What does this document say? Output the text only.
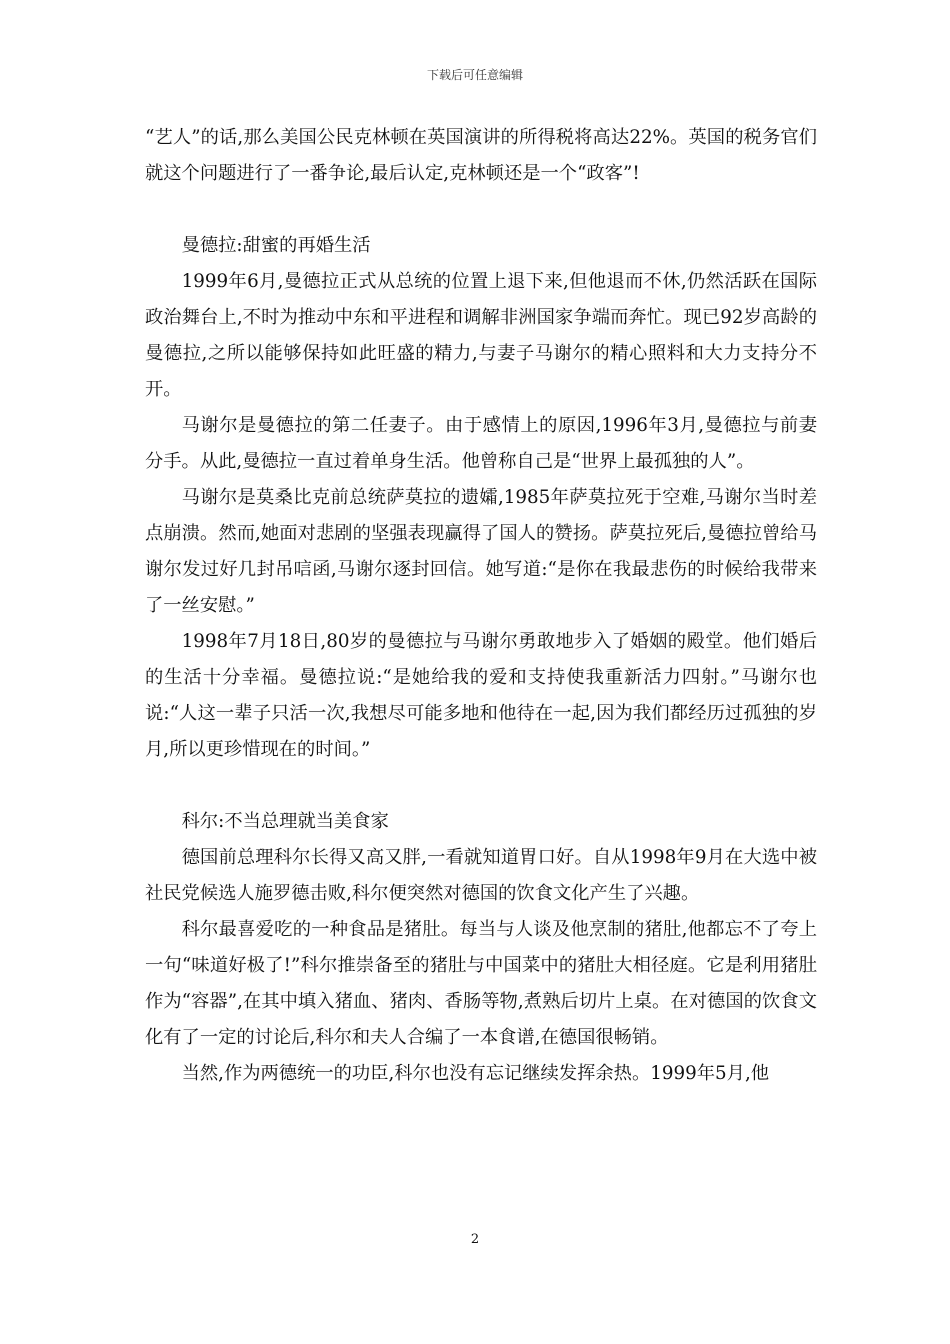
下载后可任意编辑

“艺人”的话,那么美国公民克林顿在英国演讲的所得税将高达22%。英国的税务官们就这个问题进行了一番争论,最后认定,克林顿还是一个“政客”!

曼德拉:甜蜜的再婚生活

1999年6月,曼德拉正式从总统的位置上退下来,但他退而不休,仍然活跃在国际政治舞台上,不时为推动中东和平进程和调解非洲国家争端而奔忙。现已92岁高龄的曼德拉,之所以能够保持如此旺盛的精力,与妻子马谢尔的精心照料和大力支持分不开。

马谢尔是曼德拉的第二任妻子。由于感情上的原因,1996年3月,曼德拉与前妻分手。从此,曼德拉一直过着单身生活。他曾称自己是“世界上最孤独的人”。

马谢尔是莫桑比克前总统萨莫拉的遗孀,1985年萨莫拉死于空难,马谢尔当时差点崩溃。然而,她面对悲剧的坚强表现赢得了国人的赞扬。萨莫拉死后,曼德拉曾给马谢尔发过好几封吊唁函,马谢尔逐封回信。她写道:“是你在我最悲伤的时候给我带来了一丝安慰。”

1998年7月18日,80岁的曼德拉与马谢尔勇敢地步入了婚姻的殿堂。他们婚后的生活十分幸福。曼德拉说:“是她给我的爱和支持使我重新活力四射。”马谢尔也说:“人这一辈子只活一次,我想尽可能多地和他待在一起,因为我们都经历过孤独的岁月,所以更珍惜现在的时间。”

科尔:不当总理就当美食家

德国前总理科尔长得又高又胖,一看就知道胃口好。自从1998年9月在大选中被社民党候选人施罗德击败,科尔便突然对德国的饮食文化产生了兴趣。

科尔最喜爱吃的一种食品是猪肚。每当与人谈及他烹制的猪肚,他都忘不了夸上一句“味道好极了!”科尔推崇备至的猪肚与中国菜中的猪肚大相径庭。它是利用猪肚作为“容器”,在其中填入猪血、猪肉、香肠等物,煮熟后切片上桌。在对德国的饮食文化有了一定的讨论后,科尔和夫人合编了一本食谱,在德国很畅销。

当然,作为两德统一的功臣,科尔也没有忘记继续发挥余热。1999年5月,他

2
